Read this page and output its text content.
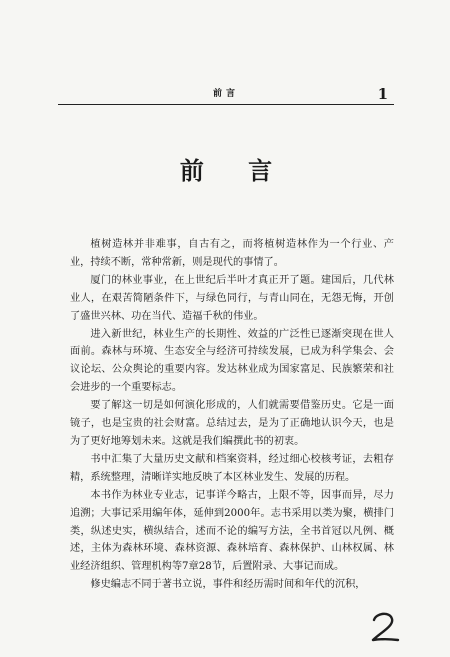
前言	1
前 言

植树造林并非难事，自古有之，而将植树造林作为一个行业、产业，持续不断，常种常新，则是现代的事情了。

厦门的林业事业，在上世纪后半叶才真正开了题。建国后，几代林业人，在艰苦简陋条件下，与绿色同行，与青山同在，无怨无悔，开创了盛世兴林、功在当代、造福千秋的伟业。

进入新世纪，林业生产的长期性、效益的广泛性已逐渐突现在世人面前。森林与环境、生态安全与经济可持续发展，已成为科学集会、会议论坛、公众舆论的重要内容。发达林业成为国家富足、民族繁荣和社会进步的一个重要标志。

要了解这一切是如何演化形成的，人们就需要借鉴历史。它是一面镜子，也是宝贵的社会财富。总结过去，是为了正确地认识今天，也是为了更好地筹划未来。这就是我们编撰此书的初衷。

书中汇集了大量历史文献和档案资料，经过细心校核考证，去粗存精，系统整理，清晰详实地反映了本区林业发生、发展的历程。

本书作为林业专业志，记事详今略古，上限不等，因事而异，尽力追溯；大事记采用编年体，延伸到2000年。志书采用以类为聚，横排门类，纵述史实，横纵结合，述而不论的编写方法，全书首冠以凡例、概述，主体为森林环境、森林资源、森林培育、森林保护、山林权属、林业经济组织、管理机构等7章28节，后置附录、大事记而成。

修史编志不同于著书立说，事件和经历需时间和年代的沉积，
